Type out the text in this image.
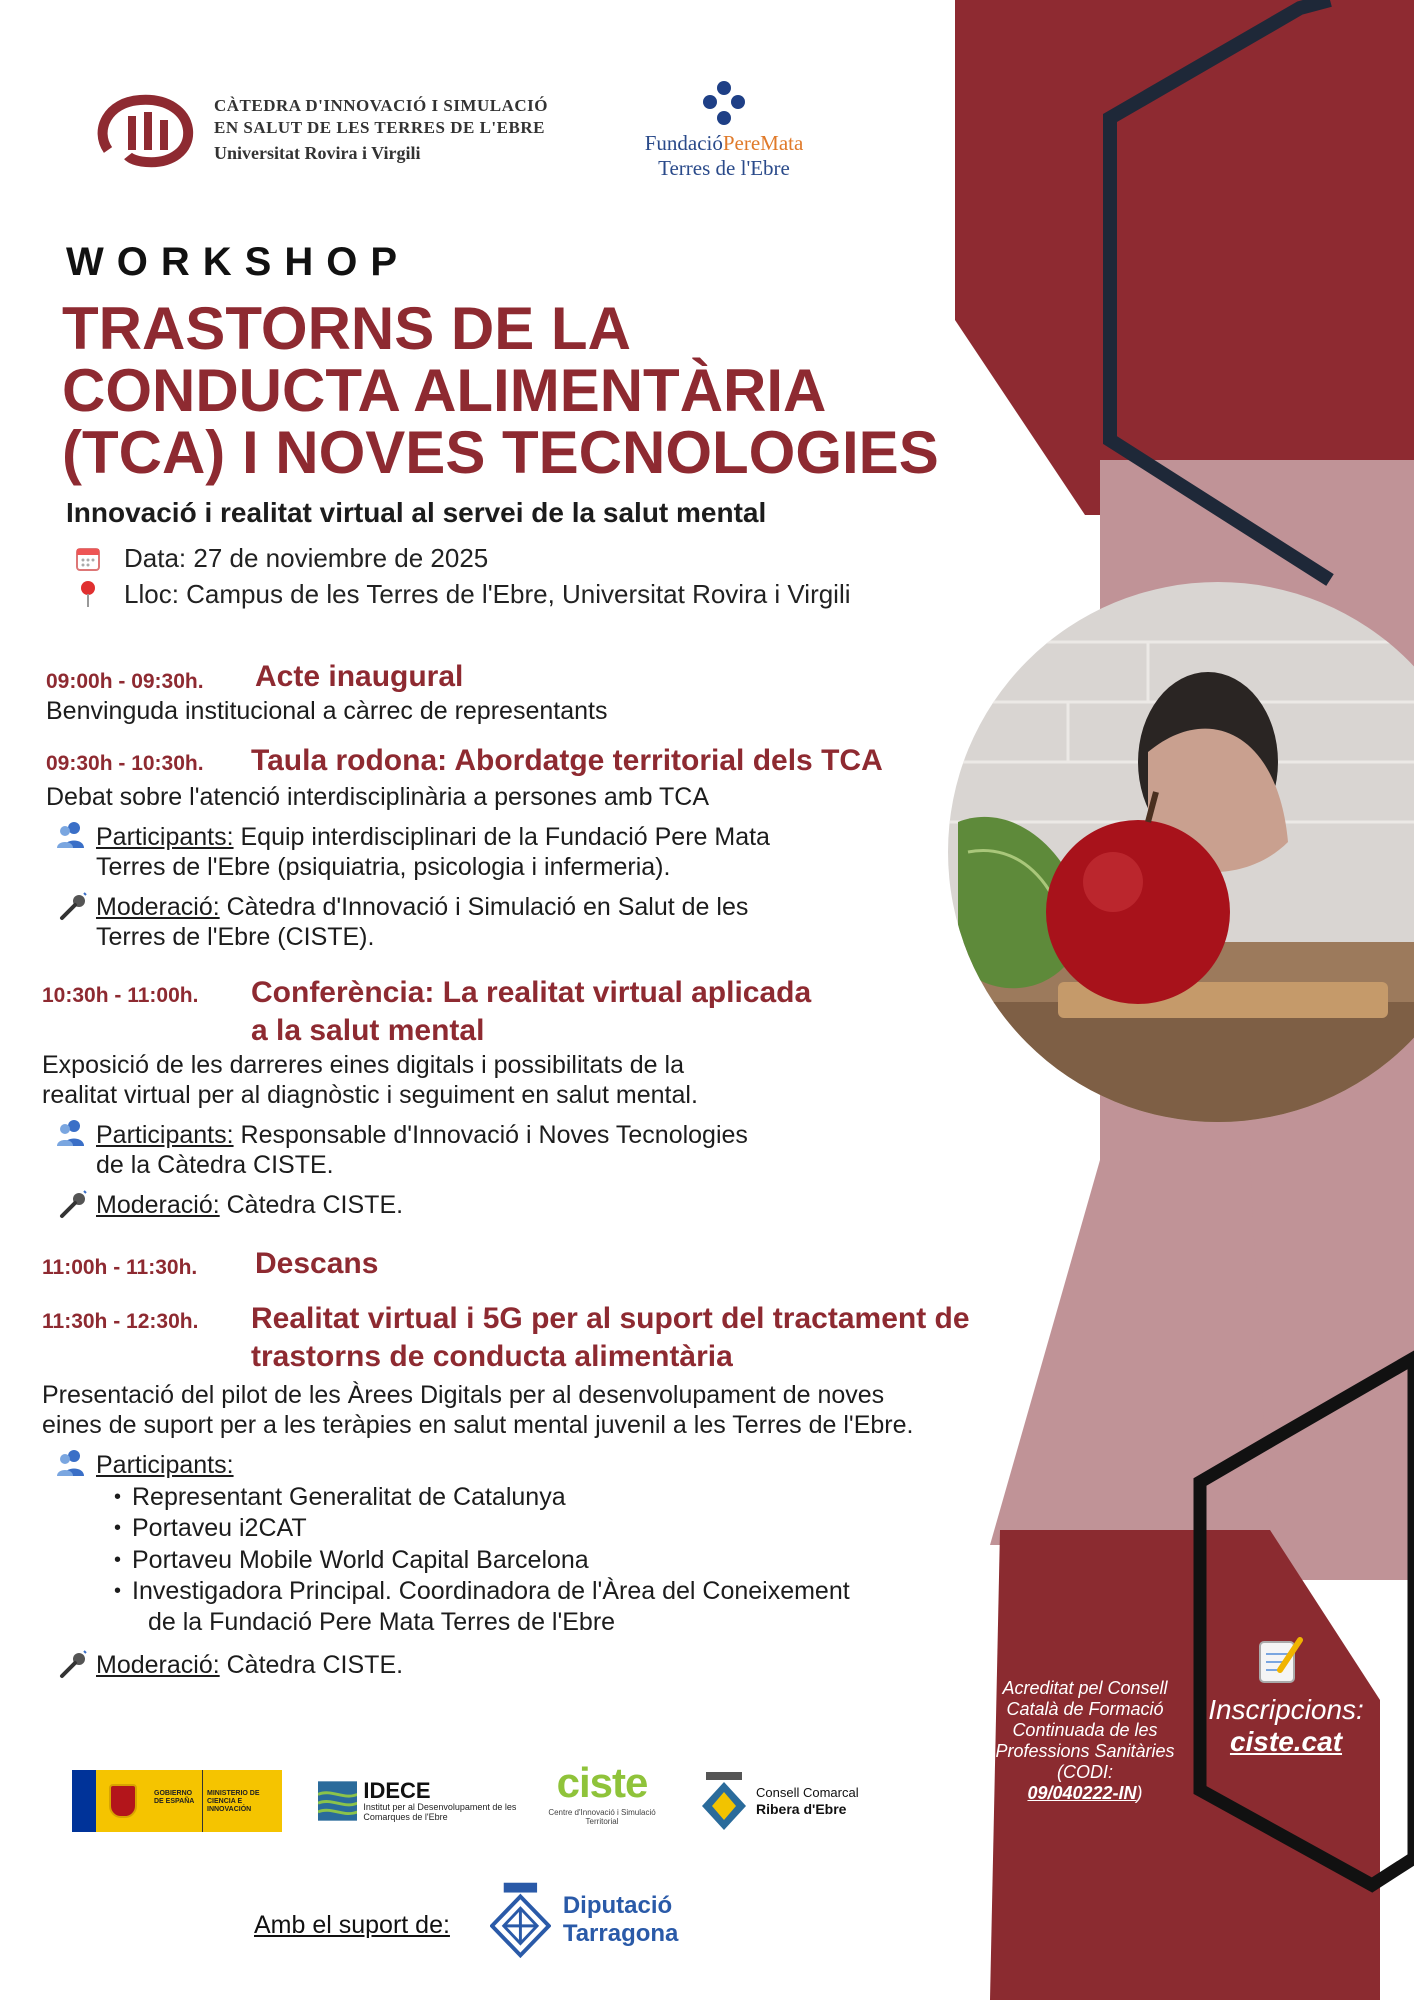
CÀTEDRA D'INNOVACIÓ I SIMULACIÓ
EN SALUT DE LES TERRES DE L'EBRE
Universitat Rovira i Virgili	FundacióPereMata
Terres de l'Ebre
WORKSHOP
TRASTORNS DE LA
CONDUCTA ALIMENTÀRIA
(TCA) I NOVES TECNOLOGIES
Innovació i realitat virtual al servei de la salut mental
Data: 27 de noviembre de 2025
Lloc: Campus de les Terres de l'Ebre, Universitat Rovira i Virgili
09:00h - 09:30h. Acte inaugural
Benvinguda institucional a càrrec de representants
09:30h - 10:30h. Taula rodona: Abordatge territorial dels TCA
Debat sobre l'atenció interdisciplinària a persones amb TCA
Participants: Equip interdisciplinari de la Fundació Pere Mata
Terres de l'Ebre (psiquiatria, psicologia i infermeria).
Moderació: Càtedra d'Innovació i Simulació en Salut de les
Terres de l'Ebre (CISTE).
10:30h - 11:00h. Conferència: La realitat virtual aplicada
a la salut mental
Exposició de les darreres eines digitals i possibilitats de la
realitat virtual per al diagnòstic i seguiment en salut mental.
Participants: Responsable d'Innovació i Noves Tecnologies
de la Càtedra CISTE.
Moderació: Càtedra CISTE.
11:00h - 11:30h. Descans
11:30h - 12:30h. Realitat virtual i 5G per al suport del tractament de
trastorns de conducta alimentària
Presentació del pilot de les Àrees Digitals per al desenvolupament de noves
eines de suport per a les teràpies en salut mental juvenil a les Terres de l'Ebre.
Participants:
• Representant Generalitat de Catalunya
• Portaveu i2CAT
• Portaveu Mobile World Capital Barcelona
• Investigadora Principal. Coordinadora de l'Àrea del Coneixement
de la Fundació Pere Mata Terres de l'Ebre
Moderació: Càtedra CISTE.
Acreditat pel Consell Català de Formació Continuada de les Professions Sanitàries (CODI:
09/040222-IN)
Inscripcions:
ciste.cat
GOBIERNO DE ESPAÑA
MINISTERIO DE CIENCIA E INNOVACIÓN
IDECE
Institut per al Desenvolupament de les Comarques de l'Ebre
ciste
Centre d'Innovació i Simulació Territorial
Consell Comarcal
Ribera d'Ebre
Amb el suport de:
Diputació Tarragona
